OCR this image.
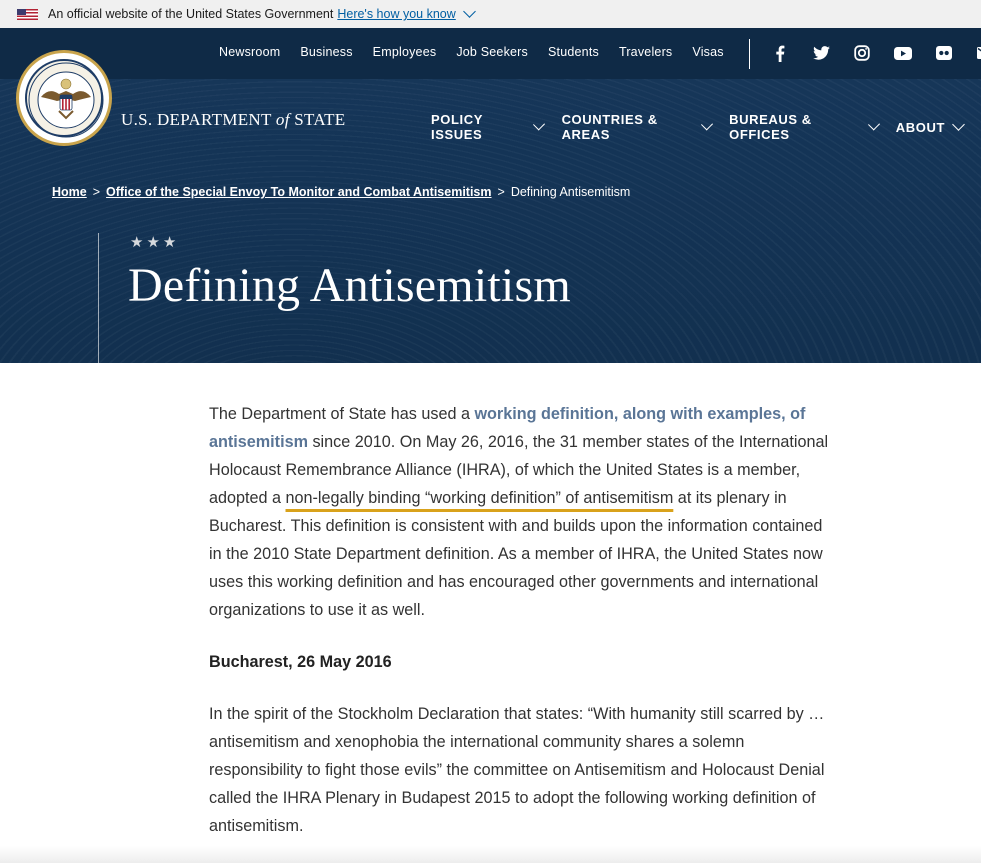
An official website of the United States Government Here's how you know
Newsroom Business Employees Job Seekers Students Travelers Visas
U.S. DEPARTMENT of STATE	POLICY ISSUES
COUNTRIES & AREAS
BUREAUS & OFFICES	ABOUT
Home > Office of the Special Envoy To Monitor and Combat Antisemitism > Defining Antisemitism
★★★
Defining Antisemitism

The Department of State has used a working definition, along with examples, of antisemitism since 2010. On May 26, 2016, the 31 member states of the International Holocaust Remembrance Alliance (IHRA), of which the United States is a member, adopted a non-legally binding “working definition” of antisemitism at its plenary in Bucharest. This definition is consistent with and builds upon the information contained in the 2010 State Department definition. As a member of IHRA, the United States now uses this working definition and has encouraged other governments and international organizations to use it as well.

Bucharest, 26 May 2016

In the spirit of the Stockholm Declaration that states: “With humanity still scarred by …antisemitism and xenophobia the international community shares a solemn responsibility to fight those evils” the committee on Antisemitism and Holocaust Denial called the IHRA Plenary in Budapest 2015 to adopt the following working definition of antisemitism.
